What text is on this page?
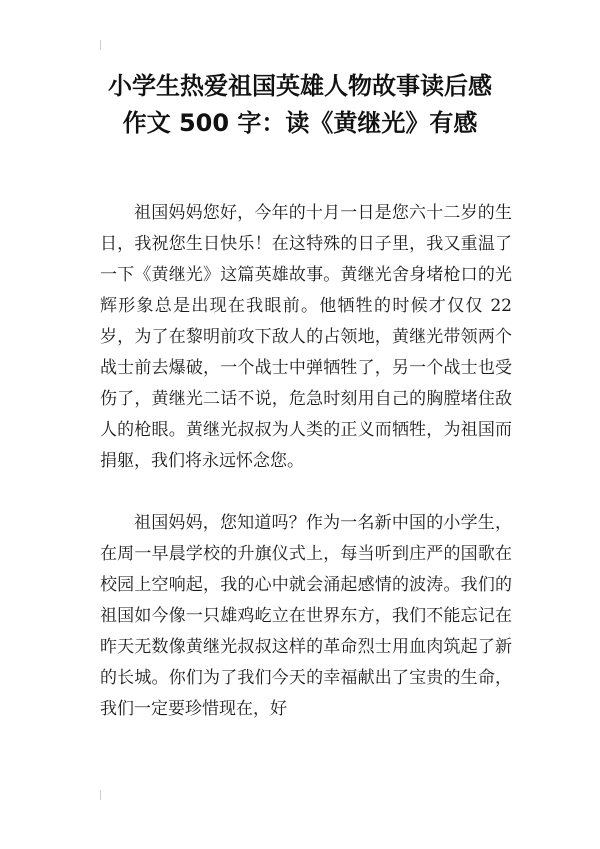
小学生热爱祖国英雄人物故事读后感
作文 500 字：读《黄继光》有感

祖国妈妈您好，今年的十月一日是您六十二岁的生日，我祝您生日快乐！在这特殊的日子里，我又重温了一下《黄继光》这篇英雄故事。黄继光舍身堵枪口的光辉形象总是出现在我眼前。他牺牲的时候才仅仅 22 岁，为了在黎明前攻下敌人的占领地，黄继光带领两个战士前去爆破，一个战士中弹牺牲了，另一个战士也受伤了，黄继光二话不说，危急时刻用自己的胸膛堵住敌人的枪眼。黄继光叔叔为人类的正义而牺牲，为祖国而捐躯，我们将永远怀念您。

祖国妈妈，您知道吗？作为一名新中国的小学生，在周一早晨学校的升旗仪式上，每当听到庄严的国歌在校园上空响起，我的心中就会涌起感情的波涛。我们的祖国如今像一只雄鸡屹立在世界东方，我们不能忘记在昨天无数像黄继光叔叔这样的革命烈士用血肉筑起了新的长城。你们为了我们今天的幸福献出了宝贵的生命，我们一定要珍惜现在，好
